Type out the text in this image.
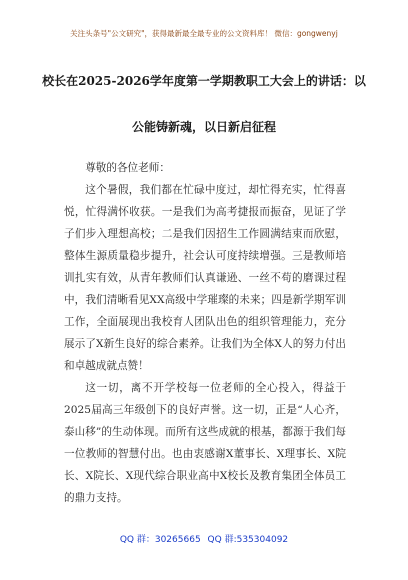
关注头条号"公文研究"，获得最新最全最专业的公文资料库！ 微信：gongwenyj
校长在2025-2026学年度第一学期教职工大会上的讲话：以
公能铸新魂，以日新启征程

尊敬的各位老师：

这个暑假，我们都在忙碌中度过，却忙得充实，忙得喜悦，忙得满怀收获。一是我们为高考捷报而振奋，见证了学子们步入理想高校；二是我们因招生工作圆满结束而欣慰，整体生源质量稳步提升，社会认可度持续增强。三是教师培训扎实有效，从青年教师们认真谦逊、一丝不苟的磨课过程中，我们清晰看见XX高级中学璀璨的未来；四是新学期军训工作，全面展现出我校育人团队出色的组织管理能力，充分展示了X新生良好的综合素养。让我们为全体X人的努力付出和卓越成就点赞！

这一切，离不开学校每一位老师的全心投入，得益于2025届高三年级创下的良好声誉。这一切，正是“人心齐，泰山移”的生动体现。而所有这些成就的根基，都源于我们每一位教师的智慧付出。也由衷感谢X董事长、X理事长、X院长、X院长、X现代综合职业高中X校长及教育集团全体员工的鼎力支持。

QQ 群：30265665 QQ 群:535304092
